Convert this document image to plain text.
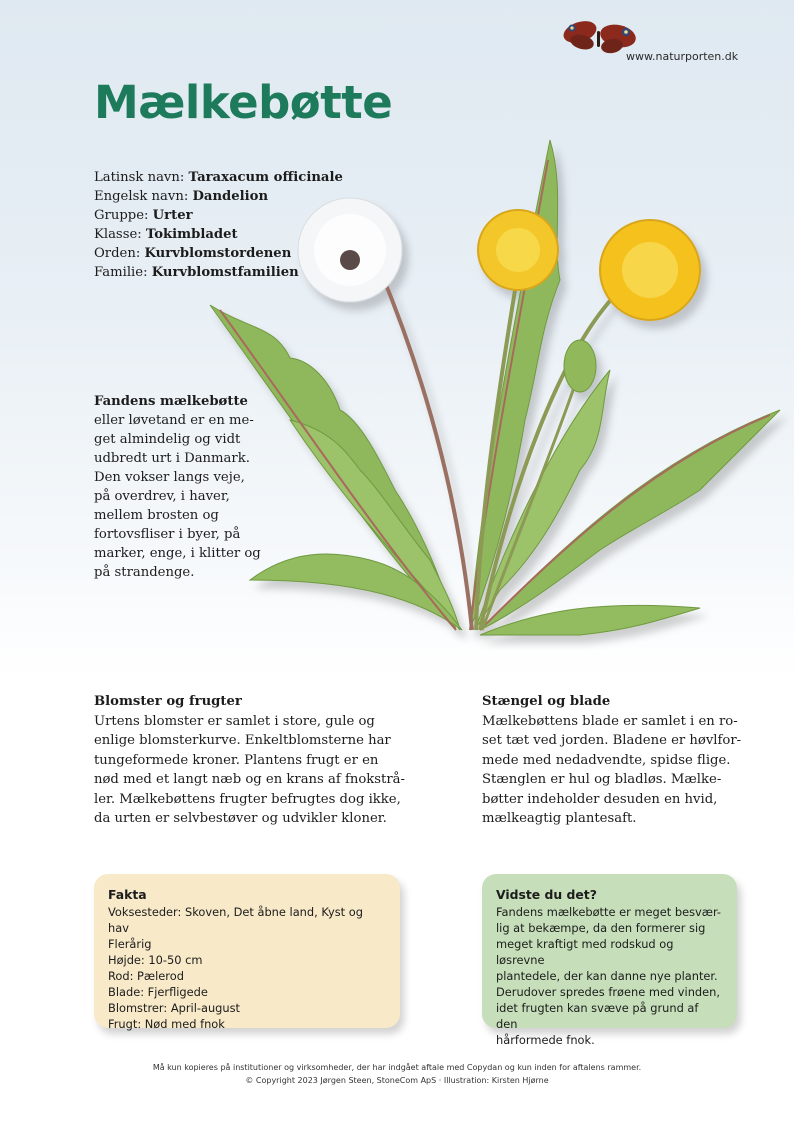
www.naturporten.dk
Mælkebøtte
Latinsk navn: Taraxacum officinale
Engelsk navn: Dandelion
Gruppe: Urter
Klasse: Tokimbladet
Orden: Kurvblomstordenen
Familie: Kurvblomstfamilien
Fandens mælkebøtte
eller løvetand er en me-
get almindelig og vidt
udbredt urt i Danmark.
Den vokser langs veje,
på overdrev, i haver,
mellem brosten og
fortovsfliser i byer, på
marker, enge, i klitter og
på strandenge.
Blomster og frugter
Urtens blomster er samlet i store, gule og
enlige blomsterkurve. Enkeltblomsterne har
tungeformede kroner. Plantens frugt er en
nød med et langt næb og en krans af fnokstrå-
ler. Mælkebøttens frugter befrugtes dog ikke,
da urten er selvbestøver og udvikler kloner.
Stængel og blade
Mælkebøttens blade er samlet i en ro-
set tæt ved jorden. Bladene er høvlfor-
mede med nedadvendte, spidse flige.
Stænglen er hul og bladløs. Mælke-
bøtter indeholder desuden en hvid,
mælkeagtig plantesaft.
Fakta
Voksesteder: Skoven, Det åbne land, Kyst og hav
Flerårig
Højde: 10-50 cm
Rod: Pælerod
Blade: Fjerfligede
Blomstrer: April-august
Frugt: Nød med fnok
Vidste du det?
Fandens mælkebøtte er meget besvær-
lig at bekæmpe, da den formerer sig
meget kraftigt med rodskud og løsrevne
plantedele, der kan danne nye planter.
Derudover spredes frøene med vinden,
idet frugten kan svæve på grund af den
hårformede fnok.
Må kun kopieres på institutioner og virksomheder, der har indgået aftale med Copydan og kun inden for aftalens rammer.
© Copyright 2023 Jørgen Steen, StoneCom ApS · Illustration: Kirsten Hjørne
